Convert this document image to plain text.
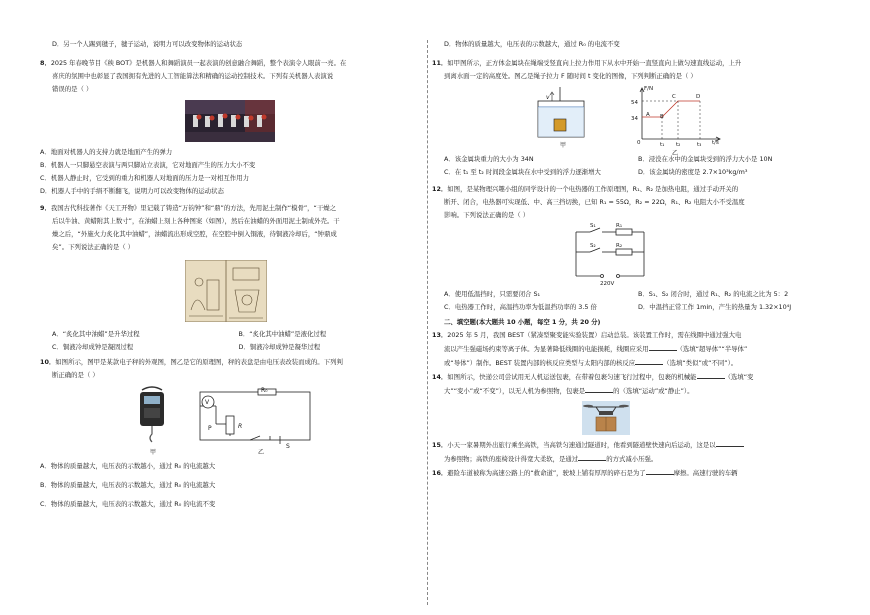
D．另一个人踢到毽子，毽子运动，说明力可以改变物体的运动状态

8．2025 年春晚节目《秧 BOT》是机器人和舞蹈演员一起表演的创意融合舞蹈，整个表演令人眼前一亮。在

喜庆的氛围中也彰显了我国拥有先进的人工智能算法和精确的运动控制技术。下列有关机器人表演说

错误的是（ ）

A．地面对机器人的支持力就是地面产生的弹力

B．机器人一只脚悬空表演与两只脚站立表演，它对地面产生的压力大小不变

C．机器人静止时，它受到的重力和机器人对地面的压力是一对相互作用力

D．机器人手中的手绢不断翻飞，说明力可以改变物体的运动状态

9．我国古代科技著作《天工开物》里记载了铸造“万钧钟”和“鼎”的方法，先用泥土制作“模骨”，“干燥之

后以牛油、黄蜡附其上数寸”，在油蜡上刻上各种图案（如图），然后在油蜡的外面用泥土制成外壳。干

燥之后，“外施火力炙化其中油蜡”，油蜡流出形成空腔，在空腔中倒入铜液，待铜液冷却后，“钟鼎成

矣”。下列说法正确的是（ ）

A．“炙化其中油蜡”是升华过程	B．“炙化其中油蜡”是液化过程
C．铜液冷却成钟是凝固过程	D．铜液冷却成钟是凝华过程

10．如图所示，图甲是某款电子秤的外观图，图乙是它的原理图，秤的表盘是由电压表改装而成的。下列判

断正确的是（ ）

V
R₀
P	R
S
甲	乙

A．物体的质量越大，电压表的示数越小，通过 R₀ 的电流越大

B．物体的质量越大，电压表的示数越大，通过 R₀ 的电流越大

C．物体的质量越大，电压表的示数越大，通过 R₀ 的电流不变

D．物体的质量越大，电压表的示数越大，通过 R₀ 的电流不变

11．如甲图所示，正方体金属块在绳端受竖直向上拉力作用下从水中开始一直竖直向上做匀速直线运动，上升

到离水面一定的高度处。图乙是绳子拉力 F 随时间 t 变化的图像，下列判断正确的是（ ）

v
甲
F/N
54
34
A B
C	D
0	t₁ t₂	t₃ t/s
乙
A．该金属块重力的大小为 34N	B．浸没在水中的金属块受到的浮力大小是 10N
C．在 t₁ 至 t₂ 时间段金属块在水中受到的浮力逐渐增大	D．该金属块的密度是 2.7×10³kg/m³

12．如图，是某物理兴趣小组的同学设计的一个电热器的工作原理图，R₁、R₂ 是加热电阻，通过手动开关的

断开、闭合，电热器可实现低、中、高三挡切换，已知 R₁ = 55Ω，R₂ = 22Ω，R₁、R₂ 电阻大小不受温度

影响。下列说法正确的是（ ）

S₁	R₁
S₂	R₂
220V
A．使用低温挡时，只需要闭合 S₁	B．S₁、S₂ 闭合时，通过 R₁、R₂ 的电流之比为 5：2
C．电热器工作时，高温挡功率为低温挡功率的 3.5 倍	D．中温挡正常工作 1min，产生的热量为 1.32×10⁴J

二、填空题(本大题共 10 小题，每空 1 分，共 20 分)

13．2025 年 5 月，我国 BEST（紧凑型聚变能实验装置）启动总装。该装置工作时，需在线圈中通过强大电

流以产生强磁场约束等离子体。为显著降低线圈的电能损耗，线圈应采用	（选填“超导体”“半导体”

或“导体”）制作。BEST 装置内部的核反应类型与太阳内部的核反应	（选填“类似”或“不同”）。

14．如图所示，快递公司尝试用无人机运送包裹，在带着包裹匀速飞行过程中，包裹的机械能	（选填“变

大”“变小”或“不变”），以无人机为参照物，包裹是	的（选填“运动”或“静止”）。

15．小天一家暑期外出旅行乘坐高铁，当高铁匀速通过隧道时，他看到隧道壁快速向后运动，这是以

为参照物；高铁的座椅设计得宽大柔软，是通过	的方式减小压强。

16．避险车道被称为高速公路上的“救命道”，驶坡上铺有厚厚的碎石是为了	摩擦。高速行驶的车辆
